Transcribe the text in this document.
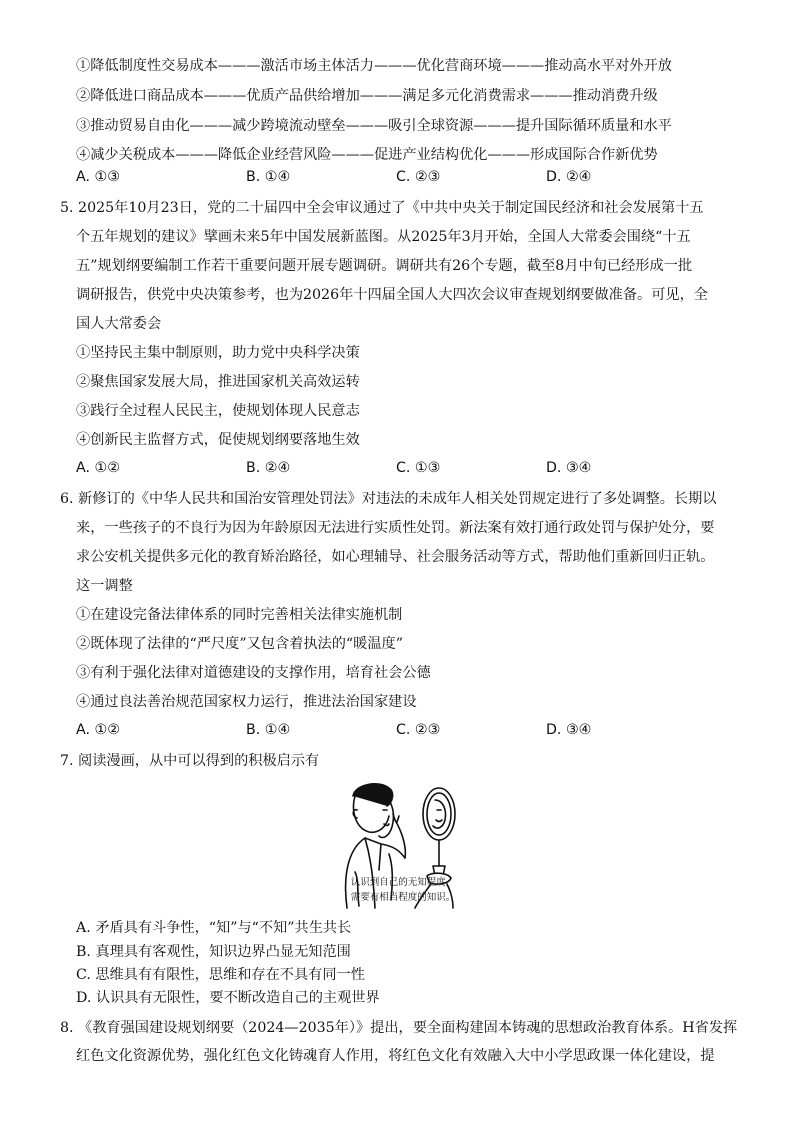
①降低制度性交易成本———激活市场主体活力———优化营商环境———推动高水平对外开放
②降低进口商品成本———优质产品供给增加———满足多元化消费需求———推动消费升级
③推动贸易自由化———减少跨境流动壁垒———吸引全球资源———提升国际循环质量和水平
④减少关税成本———降低企业经营风险———促进产业结构优化———形成国际合作新优势
A. ①③	B. ①④	C. ②③	D. ②④
5. 2025年10月23日，党的二十届四中全会审议通过了《中共中央关于制定国民经济和社会发展第十五
个五年规划的建议》擘画未来5年中国发展新蓝图。从2025年3月开始，全国人大常委会围绕“十五
五”规划纲要编制工作若干重要问题开展专题调研。调研共有26个专题，截至8月中旬已经形成一批
调研报告，供党中央决策参考，也为2026年十四届全国人大四次会议审查规划纲要做准备。可见，全
国人大常委会
①坚持民主集中制原则，助力党中央科学决策
②聚焦国家发展大局，推进国家机关高效运转
③践行全过程人民民主，使规划体现人民意志
④创新民主监督方式，促使规划纲要落地生效
A. ①②	B. ②④	C. ①③	D. ③④
6. 新修订的《中华人民共和国治安管理处罚法》对违法的未成年人相关处罚规定进行了多处调整。长期以
来，一些孩子的不良行为因为年龄原因无法进行实质性处罚。新法案有效打通行政处罚与保护处分，要
求公安机关提供多元化的教育矫治路径，如心理辅导、社会服务活动等方式，帮助他们重新回归正轨。
这一调整
①在建设完备法律体系的同时完善相关法律实施机制
②既体现了法律的“严尺度”又包含着执法的“暖温度”
③有利于强化法律对道德建设的支撑作用，培育社会公德
④通过良法善治规范国家权力运行，推进法治国家建设
A. ①②	B. ①④	C. ②③	D. ③④
7. 阅读漫画，从中可以得到的积极启示有
认识到自己的无知程度，
需要有相当程度的知识。
A. 矛盾具有斗争性，“知”与“不知”共生共长
B. 真理具有客观性，知识边界凸显无知范围
C. 思维具有有限性，思维和存在不具有同一性
D. 认识具有无限性，要不断改造自己的主观世界
8. 《教育强国建设规划纲要（2024—2035年）》提出，要全面构建固本铸魂的思想政治教育体系。H省发挥
红色文化资源优势，强化红色文化铸魂育人作用，将红色文化有效融入大中小学思政课一体化建设，提
